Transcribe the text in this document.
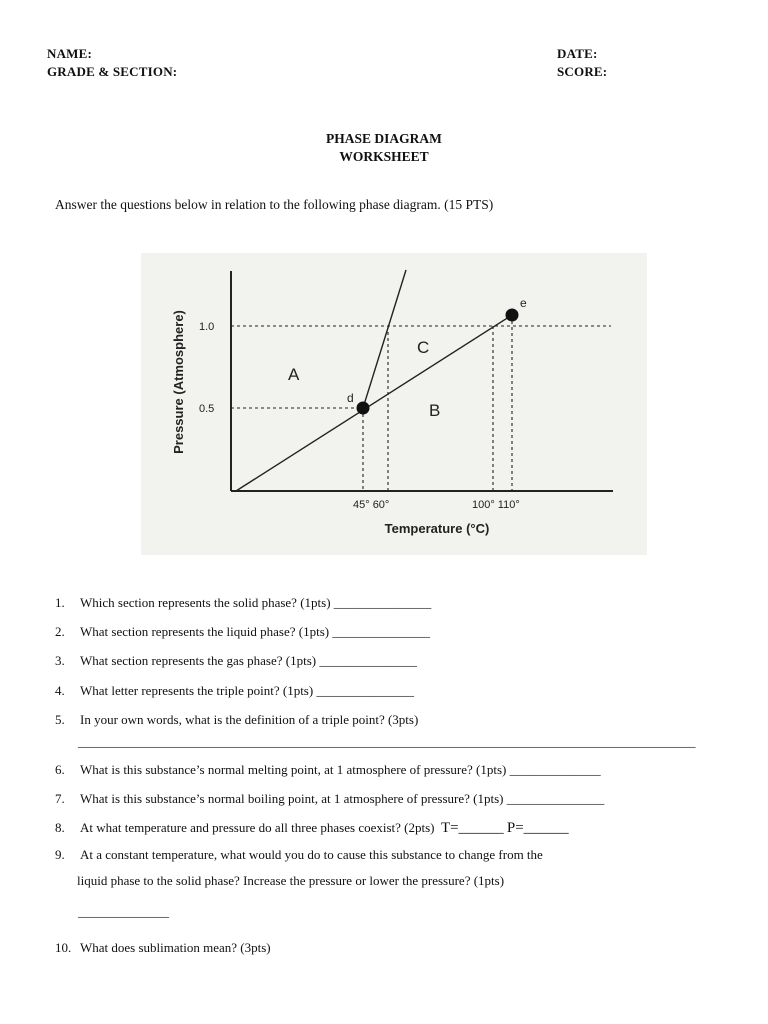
NAME:
GRADE & SECTION:
DATE:
SCORE:
PHASE DIAGRAM
WORKSHEET
Answer the questions below in relation to the following phase diagram. (15 PTS)
d
e
A
B
C
1.0
0.5
45° 60°	100° 110°
Temperature (°C)
Pressure (Atmosphere)
1. Which section represents the solid phase? (1pts) _______________
2. What section represents the liquid phase? (1pts) _______________
3. What section represents the gas phase? (1pts) _______________
4. What letter represents the triple point? (1pts) _______________
5. In your own words, what is the definition of a triple point? (3pts)
_______________________________________________________________________________________________
6. What is this substance’s normal melting point, at 1 atmosphere of pressure? (1pts) ______________
7. What is this substance’s normal boiling point, at 1 atmosphere of pressure? (1pts) _______________
8. At what temperature and pressure do all three phases coexist? (2pts) T=______ P=______
9. At a constant temperature, what would you do to cause this substance to change from the
liquid phase to the solid phase? Increase the pressure or lower the pressure? (1pts)
______________
10. What does sublimation mean? (3pts)
